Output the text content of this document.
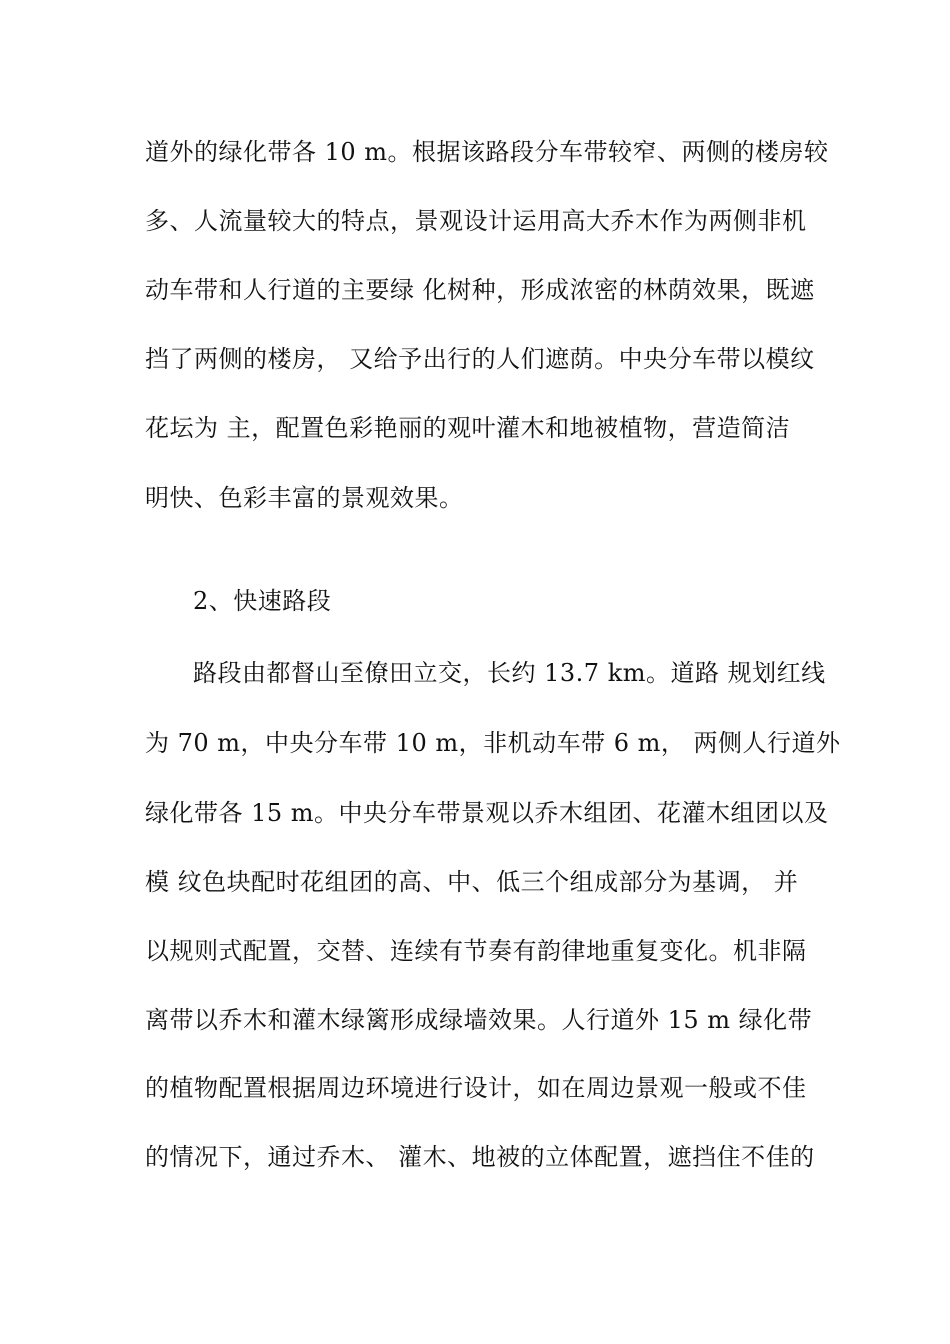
道外的绿化带各 10 m。根据该路段分车带较窄、两侧的楼房较
多、人流量较大的特点，景观设计运用高大乔木作为两侧非机
动车带和人行道的主要绿 化树种，形成浓密的林荫效果，既遮
挡了两侧的楼房， 又给予出行的人们遮荫。中央分车带以模纹
花坛为 主，配置色彩艳丽的观叶灌木和地被植物，营造简洁
明快、色彩丰富的景观效果。
2、快速路段
路段由都督山至僚田立交，长约 13.7 km。道路 规划红线
为 70 m，中央分车带 10 m，非机动车带 6 m， 两侧人行道外
绿化带各 15 m。中央分车带景观以乔木组团、花灌木组团以及
模 纹色块配时花组团的高、中、低三个组成部分为基调， 并
以规则式配置，交替、连续有节奏有韵律地重复变化。机非隔
离带以乔木和灌木绿篱形成绿墙效果。人行道外 15 m 绿化带
的植物配置根据周边环境进行设计，如在周边景观一般或不佳
的情况下，通过乔木、 灌木、地被的立体配置，遮挡住不佳的
